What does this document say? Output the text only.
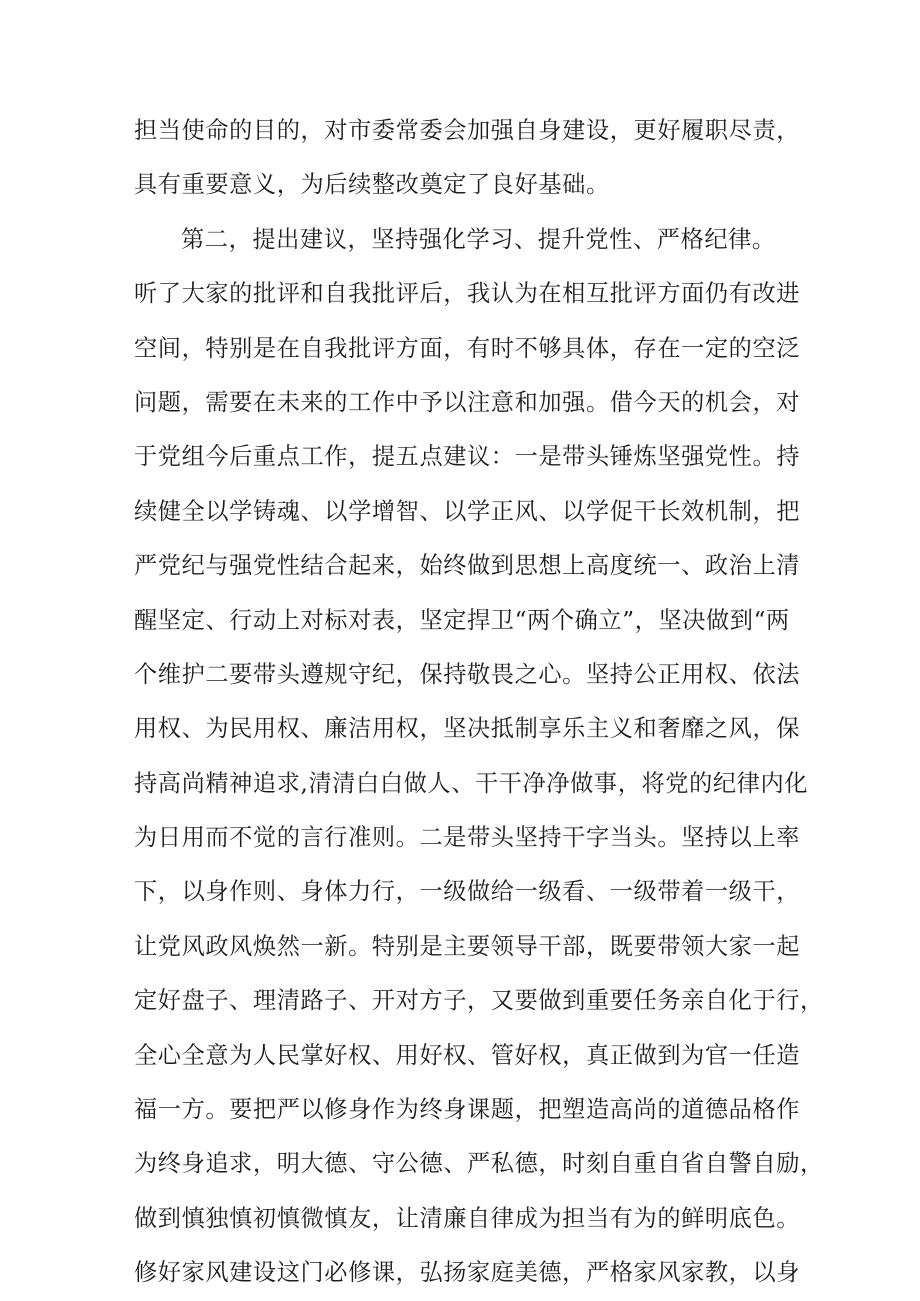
担当使命的目的，对市委常委会加强自身建设，更好履职尽责，
具有重要意义，为后续整改奠定了良好基础。
第二，提出建议，坚持强化学习、提升党性、严格纪律。
听了大家的批评和自我批评后，我认为在相互批评方面仍有改进
空间，特别是在自我批评方面，有时不够具体，存在一定的空泛
问题，需要在未来的工作中予以注意和加强。借今天的机会，对
于党组今后重点工作，提五点建议：一是带头锤炼坚强党性。持
续健全以学铸魂、以学增智、以学正风、以学促干长效机制，把
严党纪与强党性结合起来，始终做到思想上高度统一、政治上清
醒坚定、行动上对标对表，坚定捍卫“两个确立”，坚决做到“两
个维护二要带头遵规守纪，保持敬畏之心。坚持公正用权、依法
用权、为民用权、廉洁用权，坚决抵制享乐主义和奢靡之风，保
持高尚精神追求,清清白白做人、干干净净做事，将党的纪律内化
为日用而不觉的言行准则。二是带头坚持干字当头。坚持以上率
下，以身作则、身体力行，一级做给一级看、一级带着一级干，
让党风政风焕然一新。特别是主要领导干部，既要带领大家一起
定好盘子、理清路子、开对方子，又要做到重要任务亲自化于行，
全心全意为人民掌好权、用好权、管好权，真正做到为官一任造
福一方。要把严以修身作为终身课题，把塑造高尚的道德品格作
为终身追求，明大德、守公德、严私德，时刻自重自省自警自励，
做到慎独慎初慎微慎友，让清廉自律成为担当有为的鲜明底色。
修好家风建设这门必修课，弘扬家庭美德，严格家风家教，以身
